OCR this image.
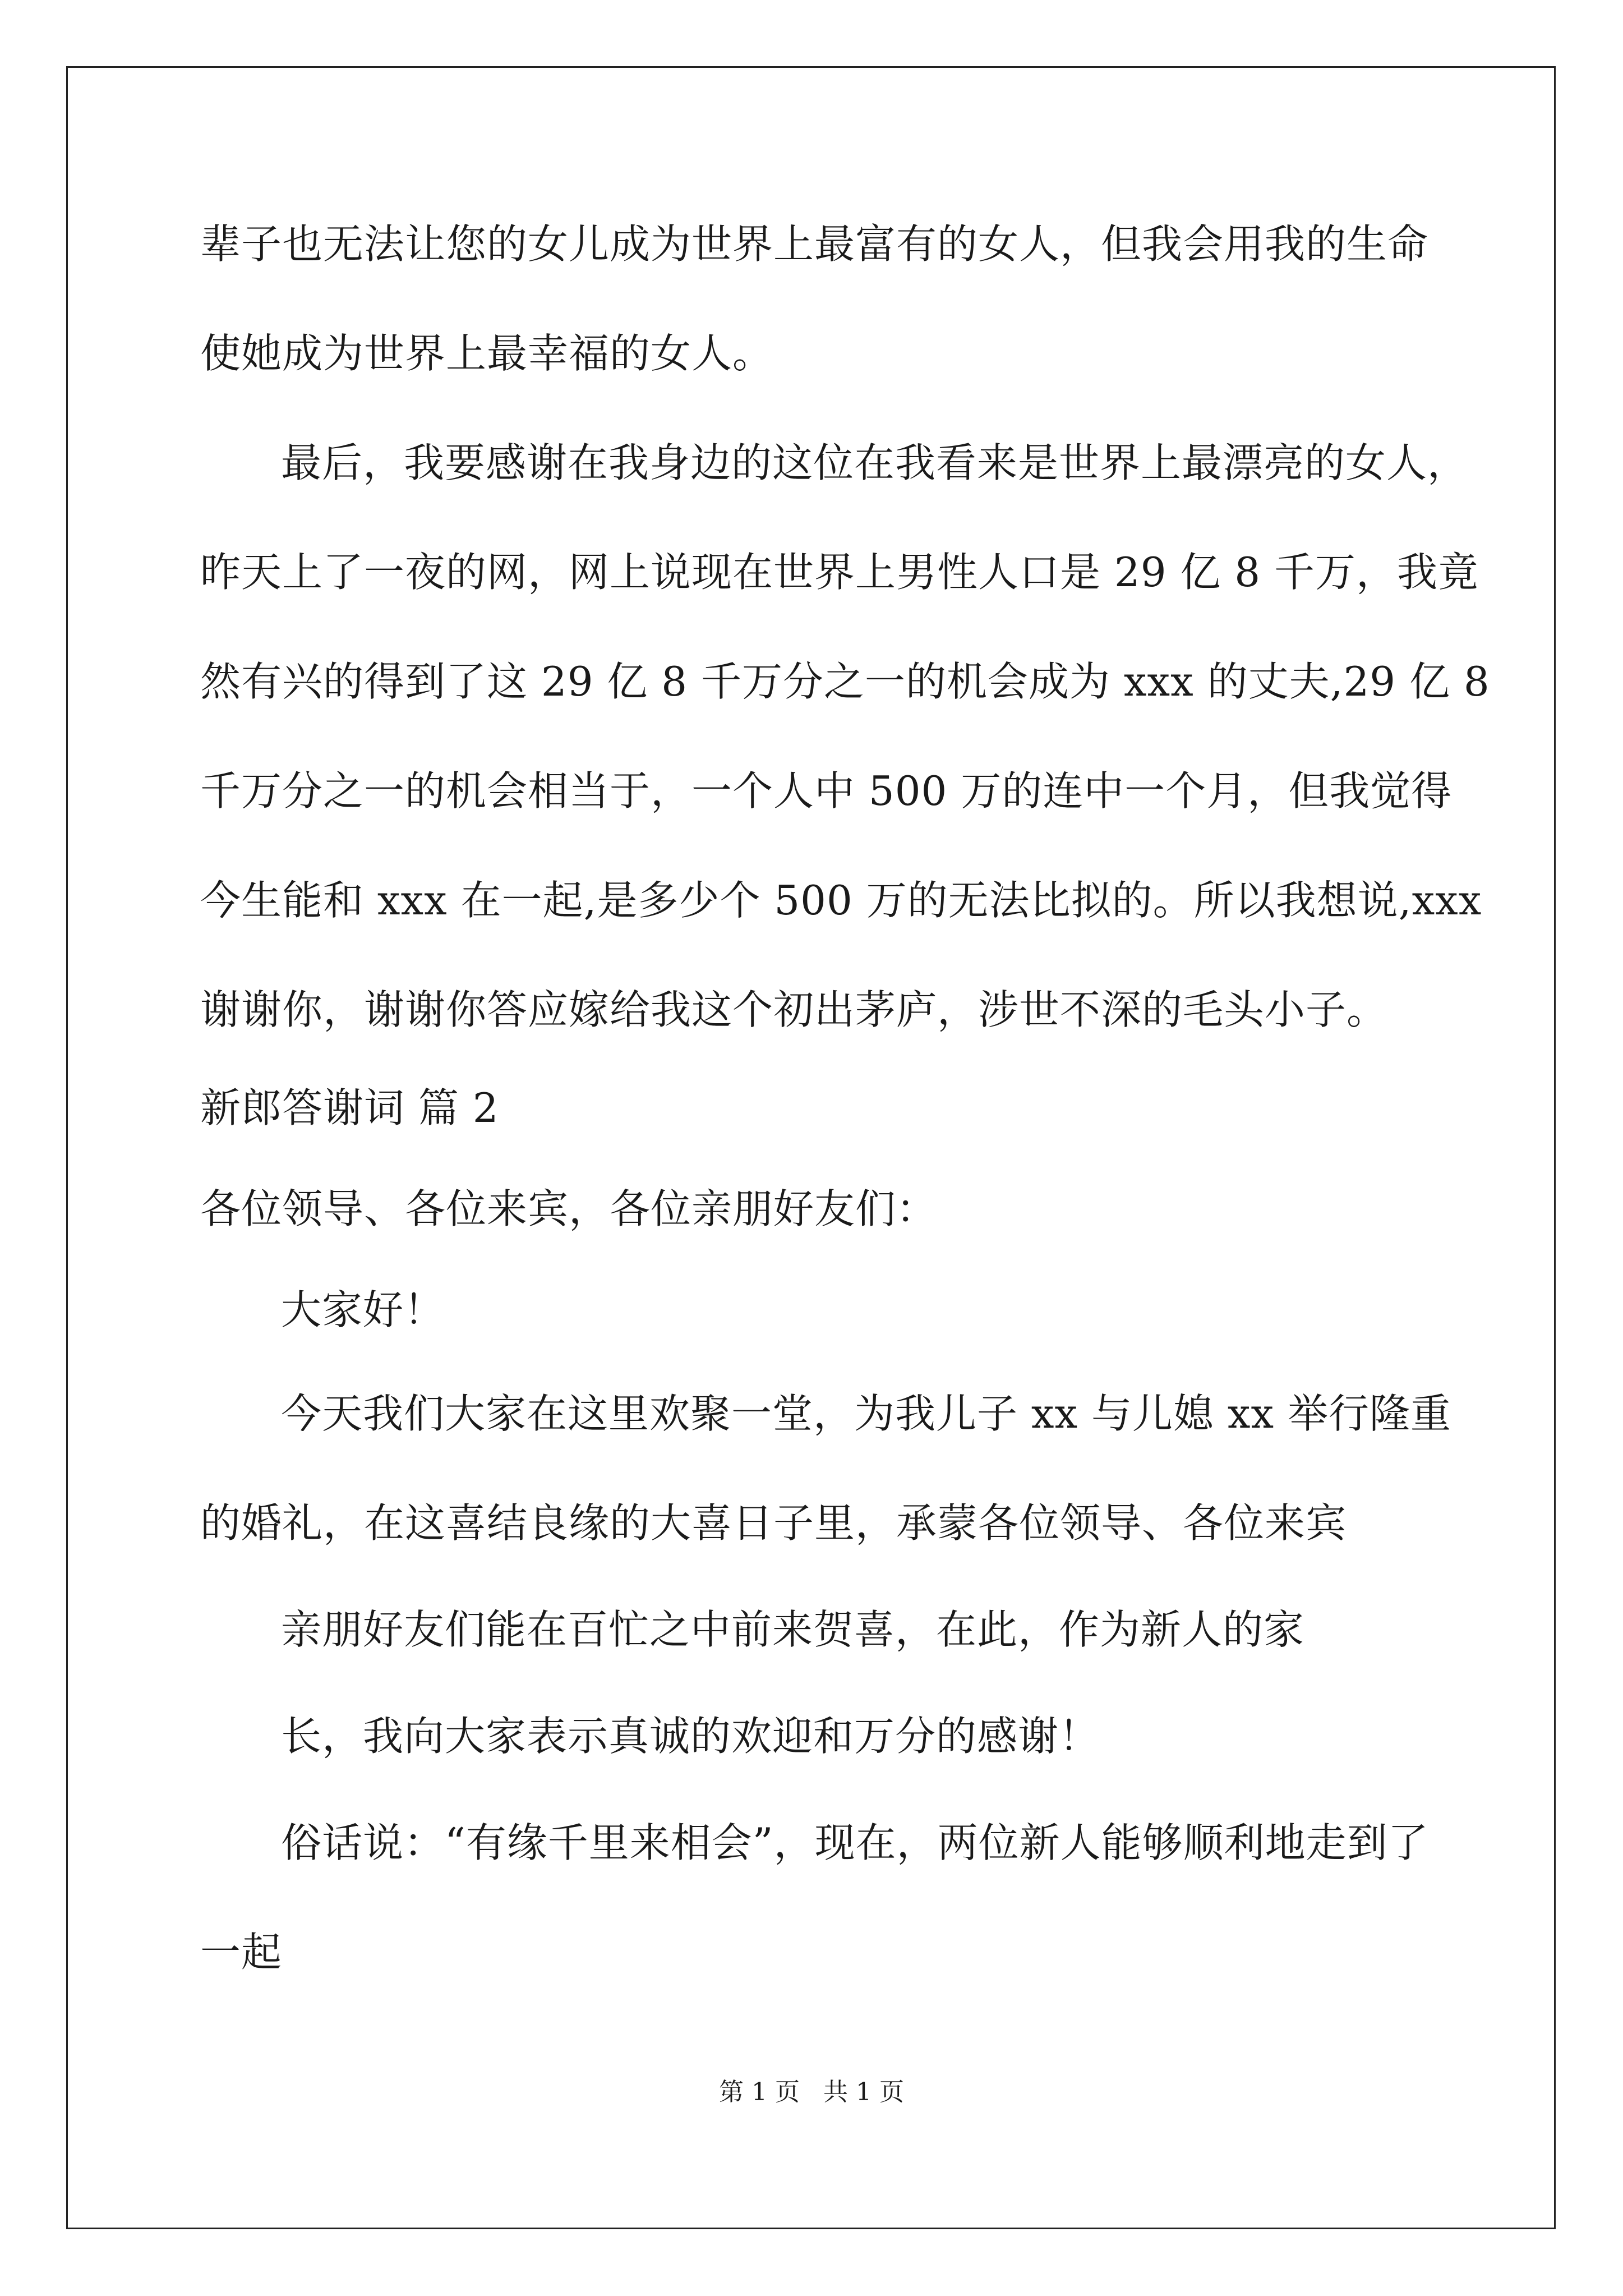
辈子也无法让您的女儿成为世界上最富有的女人，但我会用我的生命
使她成为世界上最幸福的女人。
最后，我要感谢在我身边的这位在我看来是世界上最漂亮的女人，
昨天上了一夜的网，网上说现在世界上男性人口是 29 亿 8 千万，我竟
然有兴的得到了这 29 亿 8 千万分之一的机会成为 xxx 的丈夫,29 亿 8
千万分之一的机会相当于，一个人中 500 万的连中一个月，但我觉得
今生能和 xxx 在一起,是多少个 500 万的无法比拟的。所以我想说,xxx
谢谢你，谢谢你答应嫁给我这个初出茅庐，涉世不深的毛头小子。
新郎答谢词 篇 2
各位领导、各位来宾，各位亲朋好友们：
大家好！
今天我们大家在这里欢聚一堂，为我儿子 xx 与儿媳 xx 举行隆重
的婚礼，在这喜结良缘的大喜日子里，承蒙各位领导、各位来宾
亲朋好友们能在百忙之中前来贺喜，在此，作为新人的家
长，我向大家表示真诚的欢迎和万分的感谢！
俗话说：“有缘千里来相会”，现在，两位新人能够顺利地走到了
一起
第 1 页   共 1 页
